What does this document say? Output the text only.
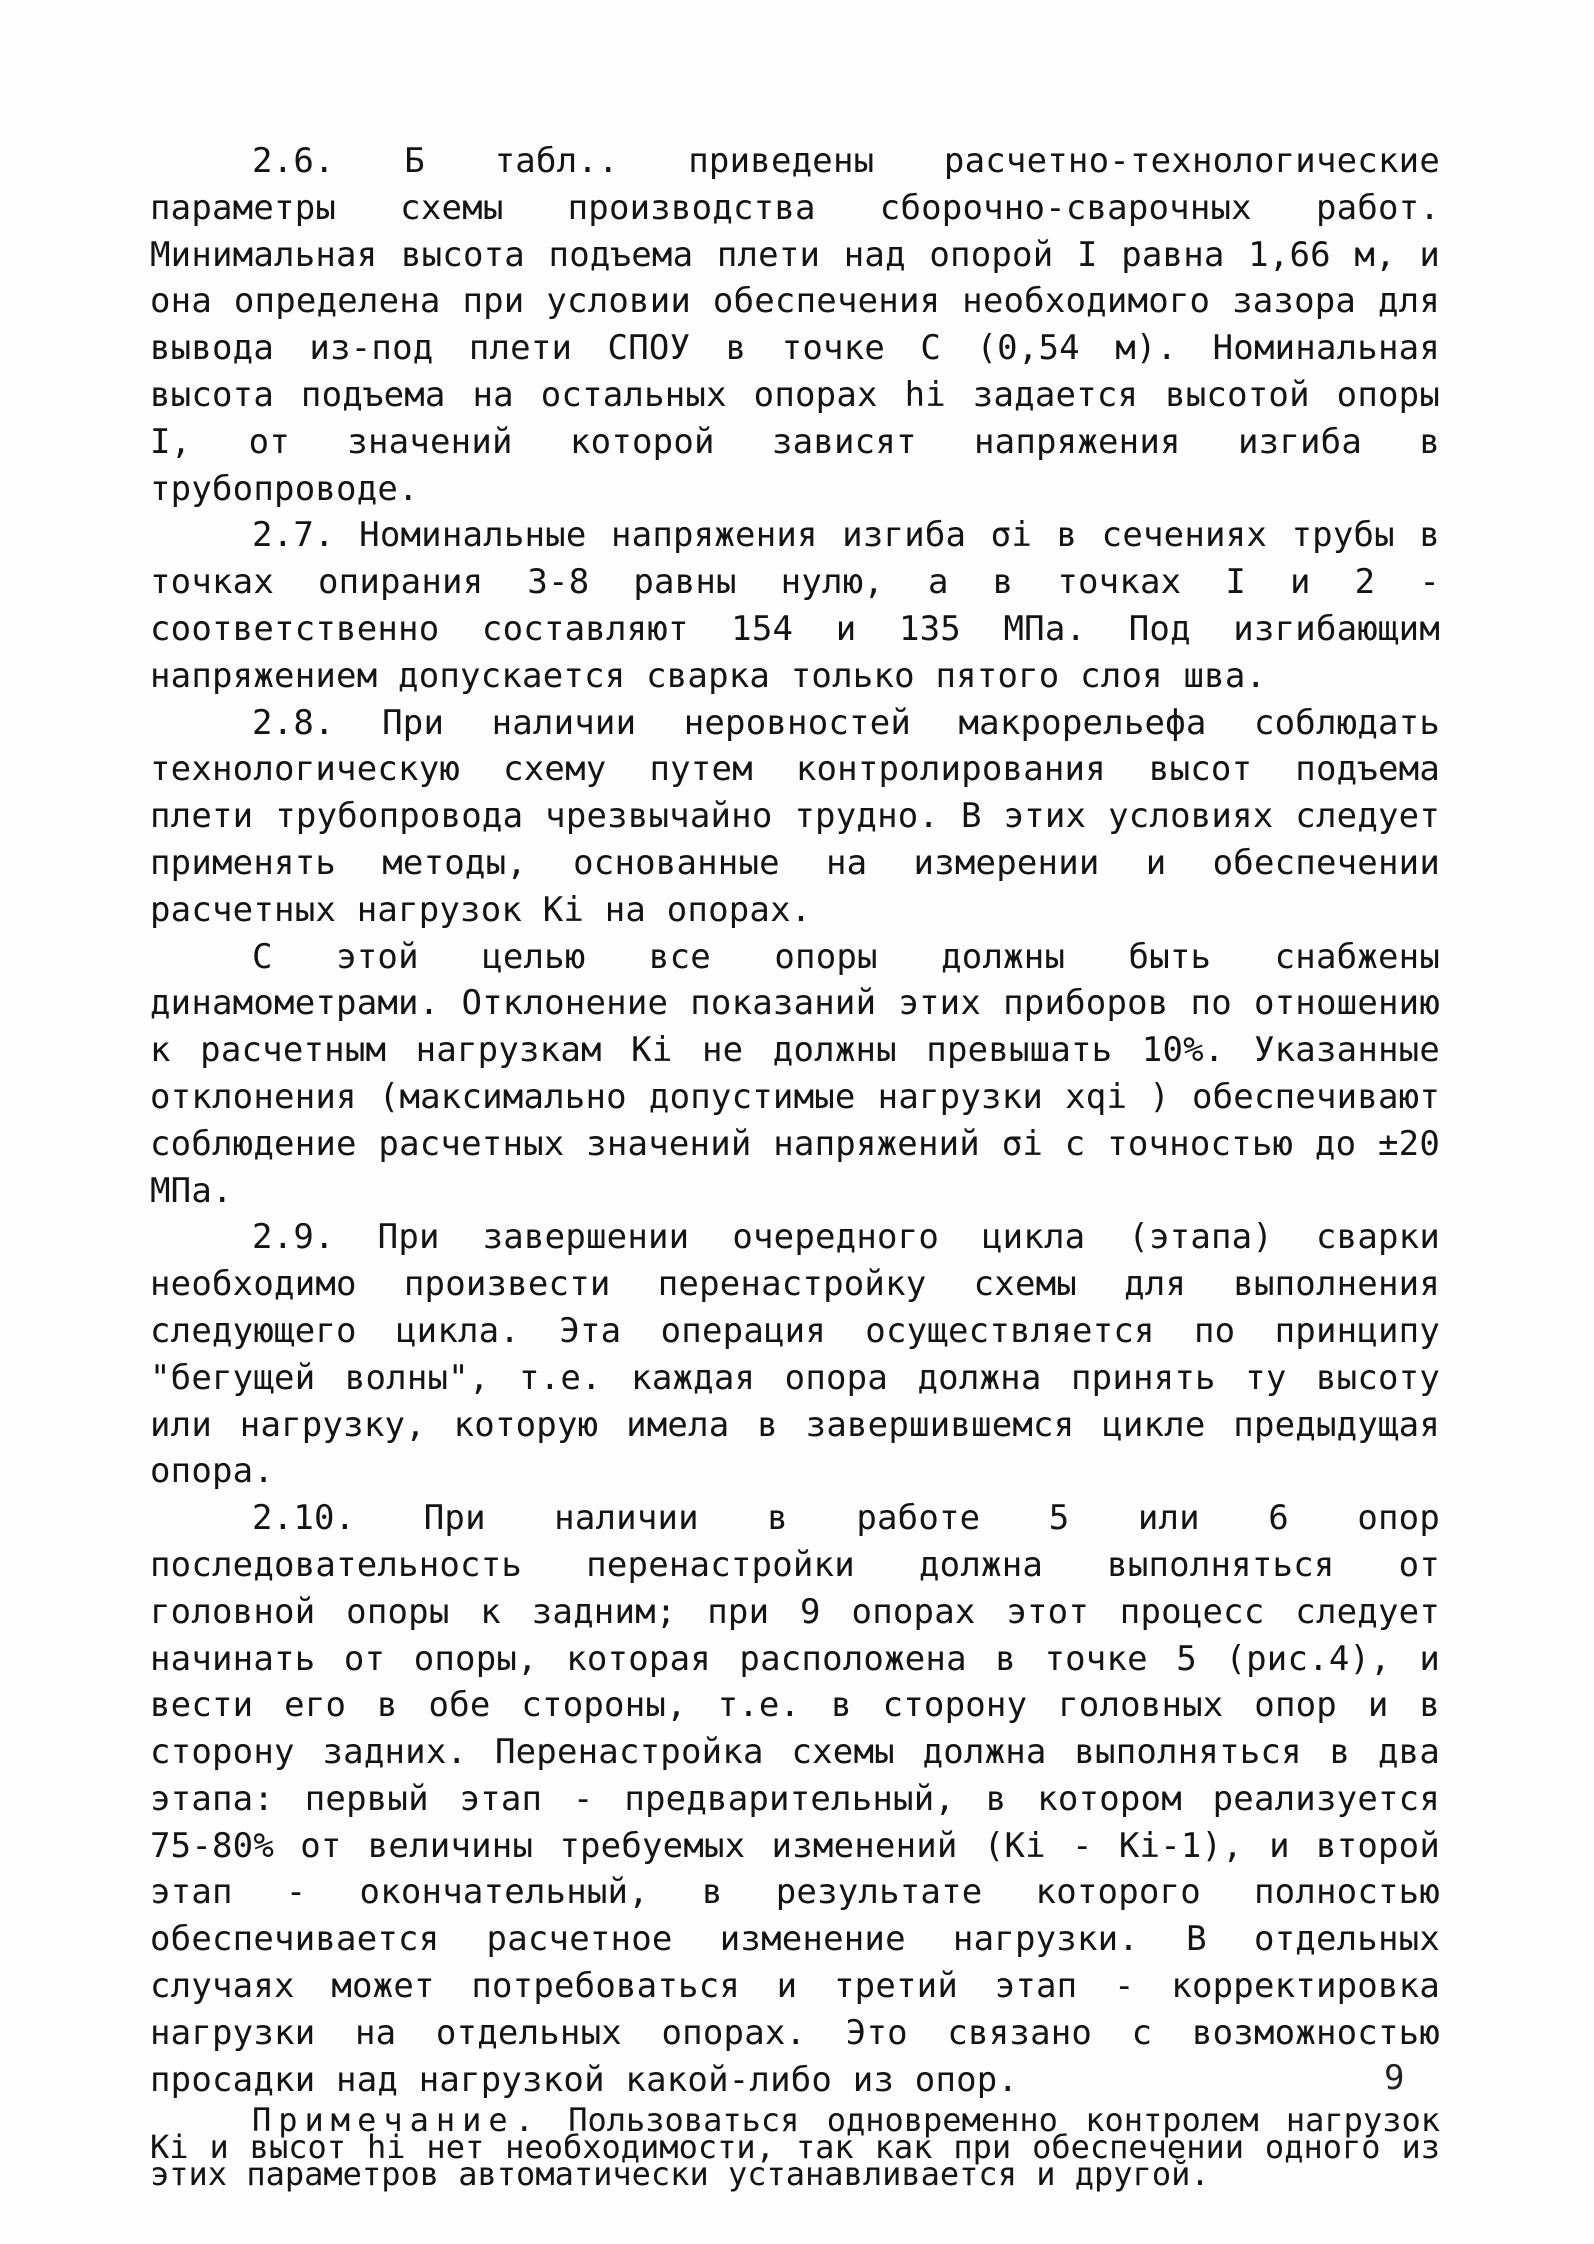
2.6. Б табл.. приведены расчетно-технологические параметры схемы производства сборочно-сварочных работ. Минимальная высота подъема плети над опорой I равна 1,66 м, и она определена при условии обеспечения необходимого зазора для вывода из-под плети СПОУ в точке С (0,54 м). Номинальная высота подъема на остальных опорах hi задается высотой опоры I, от значений которой зависят напряжения изгиба в трубопроводе.

2.7. Номинальные напряжения изгиба σi в сечениях трубы в точках опирания 3-8 равны нулю, а в точках I и 2 - соответственно составляют 154 и 135 МПа. Под изгибающим напряжением допускается сварка только пятого слоя шва.

2.8. При наличии неровностей макрорельефа соблюдать технологическую схему путем контролирования высот подъема плети трубопровода чрезвычайно трудно. В этих условиях следует применять методы, основанные на измерении и обеспечении расчетных нагрузок Ki на опорах.

С этой целью все опоры должны быть снабжены динамометрами. Отклонение показаний этих приборов по отношению к расчетным нагрузкам Ki не должны превышать 10%. Указанные отклонения (максимально допустимые нагрузки xqi ) обеспечивают соблюдение расчетных значений напряжений σi с точностью до ±20 МПа.

2.9. При завершении очередного цикла (этапа) сварки необходимо произвести перенастройку схемы для выполнения следующего цикла. Эта операция осуществляется по принципу "бегущей волны", т.е. каждая опора должна принять ту высоту или нагрузку, которую имела в завершившемся цикле предыдущая опора.

2.10. При наличии в работе 5 или 6 опор последовательность перенастройки должна выполняться от головной опоры к задним; при 9 опорах этот процесс следует начинать от опоры, которая расположена в точке 5 (рис.4), и вести его в обе стороны, т.е. в сторону головных опор и в сторону задних. Перенастройка схемы должна выполняться в два этапа: первый этап - предварительный, в котором реализуется 75-80% от величины требуемых изменений (Ki - Ki-1), и второй этап - окончательный, в результате которого полностью обеспечивается расчетное изменение нагрузки. В отдельных случаях может потребоваться и третий этап - корректировка нагрузки на отдельных опорах. Это связано с возможностью просадки над нагрузкой какой-либо из опор.

Примечание. Пользоваться одновременно контролем нагрузок Ki и высот hi нет необходимости, так как при обеспечении одного из этих параметров автоматически устанавливается и другой.

9
